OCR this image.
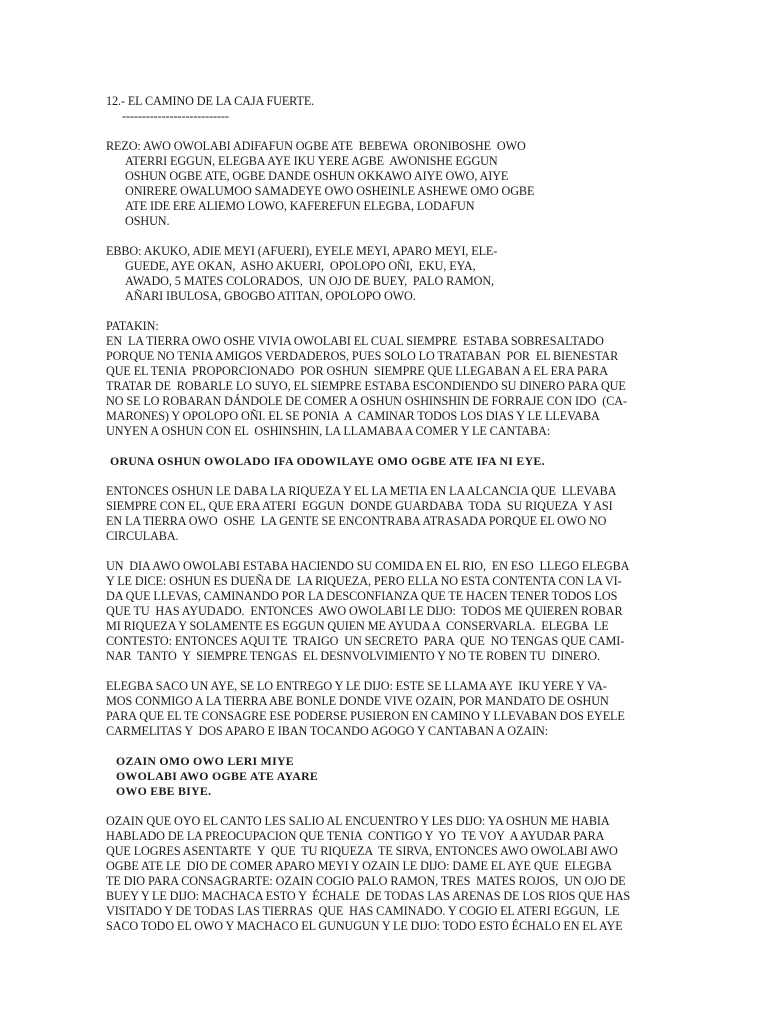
12.- EL CAMINO DE LA CAJA FUERTE.
---------------------------
REZO: AWO OWOLABI ADIFAFUN OGBE ATE  BEBEWA  ORONIBOSHE  OWO
ATERRI EGGUN, ELEGBA AYE IKU YERE AGBE  AWONISHE EGGUN
OSHUN OGBE ATE, OGBE DANDE OSHUN OKKAWO AIYE OWO, AIYE
ONIRERE OWALUMOO SAMADEYE OWO OSHEINLE ASHEWE OMO OGBE
ATE IDE ERE ALIEMO LOWO, KAFEREFUN ELEGBA, LODAFUN
OSHUN.
EBBO: AKUKO, ADIE MEYI (AFUERI), EYELE MEYI, APARO MEYI, ELE-
GUEDE, AYE OKAN,  ASHO AKUERI,  OPOLOPO OÑI,  EKU, EYA,
AWADO, 5 MATES COLORADOS,  UN OJO DE BUEY,  PALO RAMON,
AÑARI IBULOSA, GBOGBO ATITAN, OPOLOPO OWO.
PATAKIN:
EN  LA TIERRA OWO OSHE VIVIA OWOLABI EL CUAL SIEMPRE  ESTABA SOBRESALTADO
PORQUE NO TENIA AMIGOS VERDADEROS, PUES SOLO LO TRATABAN  POR  EL BIENESTAR
QUE EL TENIA  PROPORCIONADO  POR OSHUN  SIEMPRE QUE LLEGABAN A EL ERA PARA
TRATAR DE  ROBARLE LO SUYO, EL SIEMPRE ESTABA ESCONDIENDO SU DINERO PARA QUE
NO SE LO ROBARAN DÁNDOLE DE COMER A OSHUN OSHINSHIN DE FORRAJE CON IDO  (CA-
MARONES) Y OPOLOPO OÑI. EL SE PONIA  A  CAMINAR TODOS LOS DIAS Y LE LLEVABA
UNYEN A OSHUN CON EL  OSHINSHIN, LA LLAMABA A COMER Y LE CANTABA:
ORUNA OSHUN OWOLADO IFA ODOWILAYE OMO OGBE ATE IFA NI EYE.
ENTONCES OSHUN LE DABA LA RIQUEZA Y EL LA METIA EN LA ALCANCIA QUE  LLEVABA
SIEMPRE CON EL, QUE ERA ATERI  EGGUN  DONDE GUARDABA  TODA  SU RIQUEZA  Y ASI
EN LA TIERRA OWO  OSHE  LA GENTE SE ENCONTRABA ATRASADA PORQUE EL OWO NO
CIRCULABA.
UN  DIA AWO OWOLABI ESTABA HACIENDO SU COMIDA EN EL RIO,  EN ESO  LLEGO ELEGBA
Y LE DICE: OSHUN ES DUEÑA DE  LA RIQUEZA, PERO ELLA NO ESTA CONTENTA CON LA VI-
DA QUE LLEVAS, CAMINANDO POR LA DESCONFIANZA QUE TE HACEN TENER TODOS LOS
QUE TU  HAS AYUDADO.  ENTONCES  AWO OWOLABI LE DIJO:  TODOS ME QUIEREN ROBAR
MI RIQUEZA Y SOLAMENTE ES EGGUN QUIEN ME AYUDA A  CONSERVARLA.  ELEGBA  LE
CONTESTO: ENTONCES AQUI TE  TRAIGO  UN SECRETO  PARA  QUE  NO TENGAS QUE CAMI-
NAR  TANTO  Y  SIEMPRE TENGAS  EL DESNVOLVIMIENTO Y NO TE ROBEN TU  DINERO.
ELEGBA SACO UN AYE, SE LO ENTREGO Y LE DIJO: ESTE SE LLAMA AYE  IKU YERE Y VA-
MOS CONMIGO A LA TIERRA ABE BONLE DONDE VIVE OZAIN, POR MANDATO DE OSHUN
PARA QUE EL TE CONSAGRE ESE PODERSE PUSIERON EN CAMINO Y LLEVABAN DOS EYELE
CARMELITAS Y  DOS APARO E IBAN TOCANDO AGOGO Y CANTABAN A OZAIN:
OZAIN OMO OWO LERI MIYE
OWOLABI AWO OGBE ATE AYARE
OWO EBE BIYE.
OZAIN QUE OYO EL CANTO LES SALIO AL ENCUENTRO Y LES DIJO: YA OSHUN ME HABIA
HABLADO DE LA PREOCUPACION QUE TENIA  CONTIGO Y  YO  TE VOY  A AYUDAR PARA
QUE LOGRES ASENTARTE  Y  QUE  TU RIQUEZA  TE SIRVA, ENTONCES AWO OWOLABI AWO
OGBE ATE LE  DIO DE COMER APARO MEYI Y OZAIN LE DIJO: DAME EL AYE QUE  ELEGBA
TE DIO PARA CONSAGRARTE: OZAIN COGIO PALO RAMON, TRES  MATES ROJOS,  UN OJO DE
BUEY Y LE DIJO: MACHACA ESTO Y  ÉCHALE  DE TODAS LAS ARENAS DE LOS RIOS QUE HAS
VISITADO Y DE TODAS LAS TIERRAS  QUE  HAS CAMINADO. Y COGIO EL ATERI EGGUN,  LE
SACO TODO EL OWO Y MACHACO EL GUNUGUN Y LE DIJO: TODO ESTO ÉCHALO EN EL AYE
